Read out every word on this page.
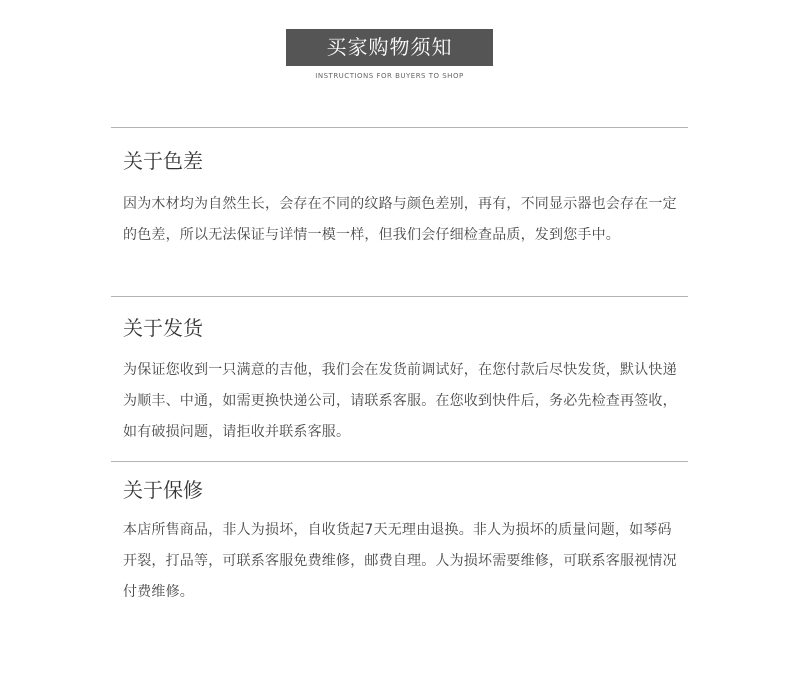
买家购物须知
INSTRUCTIONS FOR BUYERS TO SHOP
关于色差
因为木材均为自然生长，会存在不同的纹路与颜色差别，再有，不同显示器也会存在一定的色差，所以无法保证与详情一模一样，但我们会仔细检查品质，发到您手中。
关于发货
为保证您收到一只满意的吉他，我们会在发货前调试好，在您付款后尽快发货，默认快递为顺丰、中通，如需更换快递公司，请联系客服。在您收到快件后，务必先检查再签收，如有破损问题，请拒收并联系客服。
关于保修
本店所售商品，非人为损坏，自收货起7天无理由退换。非人为损坏的质量问题，如琴码开裂，打品等，可联系客服免费维修，邮费自理。人为损坏需要维修，可联系客服视情况付费维修。
